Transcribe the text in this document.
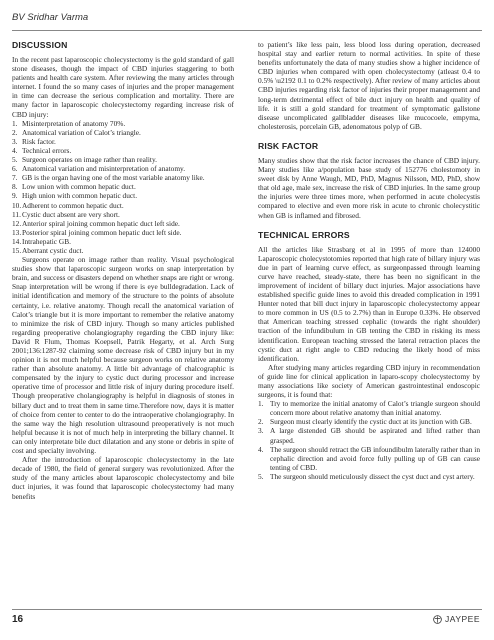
BV Sridhar Varma
DISCUSSION

In the recent past laparoscopic cholecystectomy is the gold standard of gall stone diseases, though the impact of CBD injuries staggering to both patients and health care system. After reviewing the many articles through internet. I found the so many cases of injuries and the proper management in time can decrease the serious complication and mortality. There are many factor in laparoscopic cholecystectomy regarding increase risk of CBD injury:

1. Misinterpretation of anatomy 70%.
2. Anatomical variation of Calot’s triangle.
3. Risk factor.
4. Technical errors.
5. Surgeon operates on image rather than reality.
6. Anatomical variation and misinterpretation of anatomy.
7. GB is the organ having one of the most variable anatomy like.
8. Low union with common hepatic duct.
9. High union with common hepatic duct.
10. Adherent to common hepatic duct.
11. Cystic duct absent are very short.
12. Anterior spiral joining common hepatic duct left side.
13. Posterior spiral joining common hepatic duct left side.
14. Intrahepatic GB.
15. Aberrant cystic duct.

Surgeons operate on image rather than reality. Visual psychological studies show that laparoscopic surgeon works on snap interpretation by brain, and success or disasters depend on whether snaps are right or wrong. Snap interpretation will be wrong if there is eye bulldegradation. Lack of initial identification and memory of the structure to the points of absolute certainty, i.e. relative anatomy. Though recall the anatomical variation of Calot’s triangle but it is more important to remember the relative anatomy to minimize the risk of CBD injury. Though so many articles published regarding preoperative cholangiography regarding the CBD injury like: David R Flum, Thomas Koepsell, Patrik Hegarty, et al. Arch Surg 2001;136:1287-92 claiming some decrease risk of CBD injury but in my opinion it is not much helpful because surgeon works on relative anatomy rather than absolute anatomy. A little bit advantage of chalcographic is compensated by the injury to cystic duct during processor and increase operative time of processor and little risk of injury during procedure itself. Though preoperative cholangiography is helpful in diagnosis of stones in billary duct and to treat them in same time.Therefore now, days it is matter of choice from center to center to do the intraoperative cholangiography. In the same way the high resolution ultrasound preoperatively is not much helpful because it is not of much help in interpreting the billary channel. It can only interpretate bile duct dilatation and any stone or debris in spite of cost and specialty involving.

After the introduction of laparoscopic cholecystectomy in the late decade of 1980, the field of general surgery was revolutionized. After the study of the many articles about laparoscopic cholecystectomy and bile duct injuries, it was found that laparoscopic cholecystectomy had many benefits

to patient’s like less pain, less blood loss during operation, decreased hospital stay and earlier return to normal activities. In spite of these benefits unfortunately the data of many studies show a higher incidence of CBD injuries when compared with open cholecystectomy (atleast 0.4 to 0.5% \u2192 0.1 to 0.2% respectively). After review of many articles about CBD injuries regarding risk factor of injuries their proper management and long-term detrimental effect of bile duct injury on health and quality of life. it is still a gold standard for treatment of symptomatic gallstone disease uncomplicated gallbladder diseases like mucocoele, empyma, cholesterosis, porcelain GB, adenomatous polyp of GB.

RISK FACTOR

Many studies show that the risk factor increases the chance of CBD injury. Many studies like a/population base study of 152776 cholestomoty in sweet disk by Anne Waugh, MD, PhD, Magnus Nilsson, MD, PhD, show that old age, male sex, increase the risk of CBD injuries. In the same group the injuries were three times more, when performed in acute cholecystis compared to elective and even more risk in acute to chronic cholecystitic when GB is inflamed and fibrosed.

TECHNICAL ERRORS

All the articles like Strasbarg et al in 1995 of more than 124000 Laparoscopic cholecystotomies reported that high rate of billary injury was due in part of learning curve effect, as surgeonpassed through learning curve have reached, steady-state, there has been no significant in the improvement of incident of billary duct injuries. Major associations have established specific guide lines to avoid this dreaded complication in 1991 Hunter noted that bill duct injury in laparoscopic cholecystectomy appear to more common in US (0.5 to 2.7%) than in Europe 0.33%. He observed that American teaching stressed cephalic (towards the right shoulder) traction of the infundibulum in GB tenting the CBD in risking its mess identification. European teaching stressed the lateral retraction places the cystic duct at right angle to CBD reducing the likely hood of miss identification.

After studying many articles regarding CBD injury in recommendation of guide line for clinical application in laparo-scopy cholecystectomy by many associations like society of American gastrointestinal endoscopic surgeons, it is found that:

1. Try to memorize the initial anatomy of Calot’s triangle surgeon should concern more about relative anatomy than initial anatomy.
2. Surgeon must clearly identify the cystic duct at its junction with GB.
3. A large distended GB should be aspirated and lifted rather than grasped.
4. The surgeon should retract the GB infoundibulm laterally rather than in cephalic direction and avoid force fully pulling up of GB can cause tenting of CBD.
5. The surgeon should meticulously dissect the cyst duct and cyst artery.
16	JAYPEE
